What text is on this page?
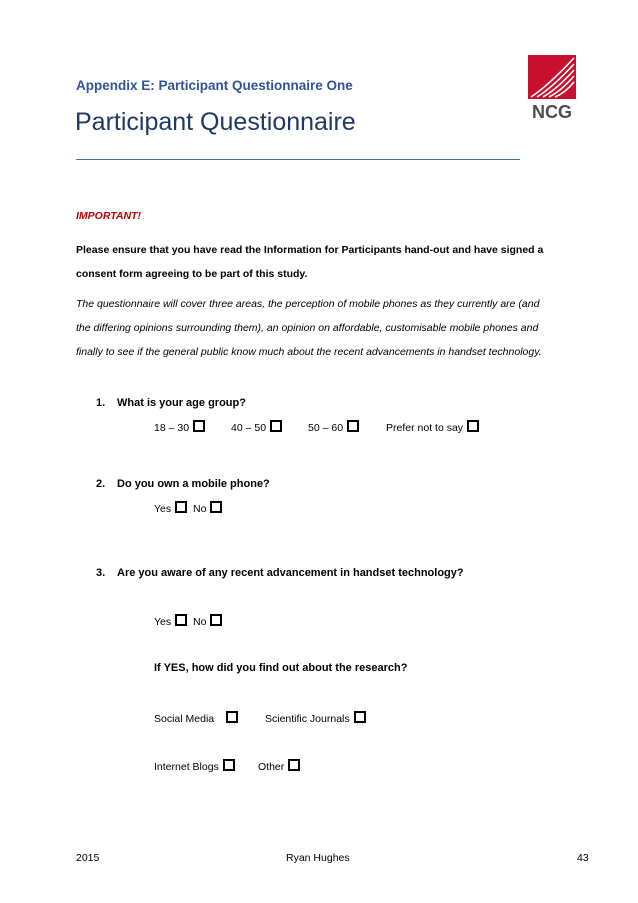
Appendix E: Participant Questionnaire One
Participant Questionnaire	NCG
IMPORTANT!
Please ensure that you have read the Information for Participants hand-out and have signed a
consent form agreeing to be part of this study.
The questionnaire will cover three areas, the perception of mobile phones as they currently are (and
the differing opinions surrounding them), an opinion on affordable, customisable mobile phones and
finally to see if the general public know much about the recent advancements in handset technology.
1. What is your age group?
18 – 30	40 – 50	50 – 60	Prefer not to say
2. Do you own a mobile phone?
Yes	No
3. Are you aware of any recent advancement in handset technology?
Yes	No
If YES, how did you find out about the research?
Social Media	Scientific Journals
Internet Blogs	Other
2015	Ryan Hughes	43
